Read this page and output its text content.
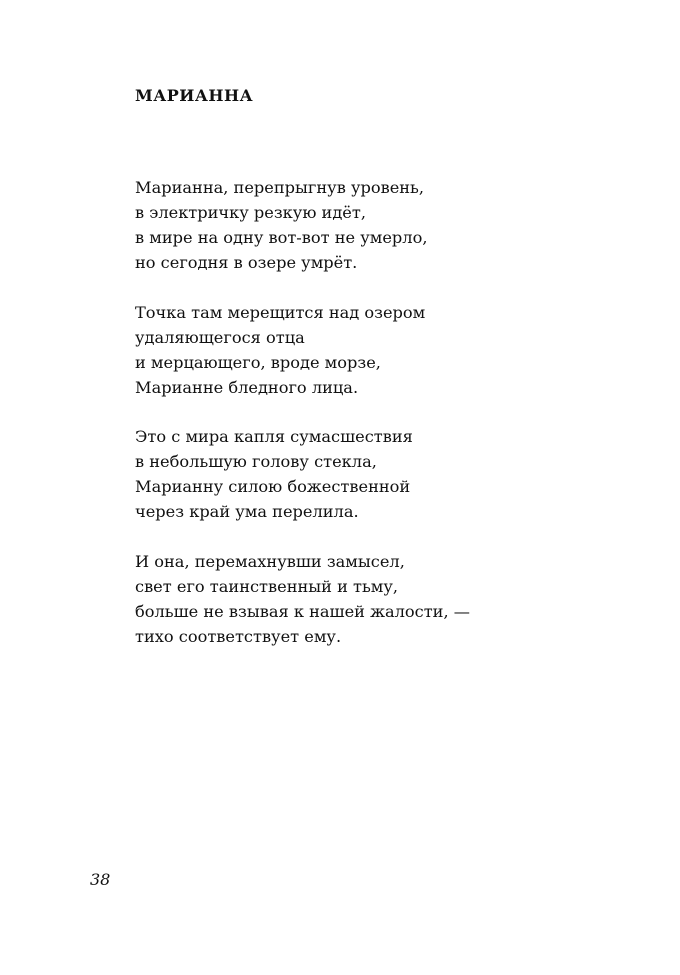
МАРИАННА
Марианна, перепрыгнув уровень,
в электричку резкую идёт,
в мире на одну вот-вот не умерло,
но сегодня в озере умрёт.
Точка там мерещится над озером
удаляющегося отца
и мерцающего, вроде морзе,
Марианне бледного лица.
Это с мира капля сумасшествия
в небольшую голову стекла,
Марианну силою божественной
через край ума перелила.
И она, перемахнувши замысел,
свет его таинственный и тьму,
больше не взывая к нашей жалости, —
тихо соответствует ему.
38
